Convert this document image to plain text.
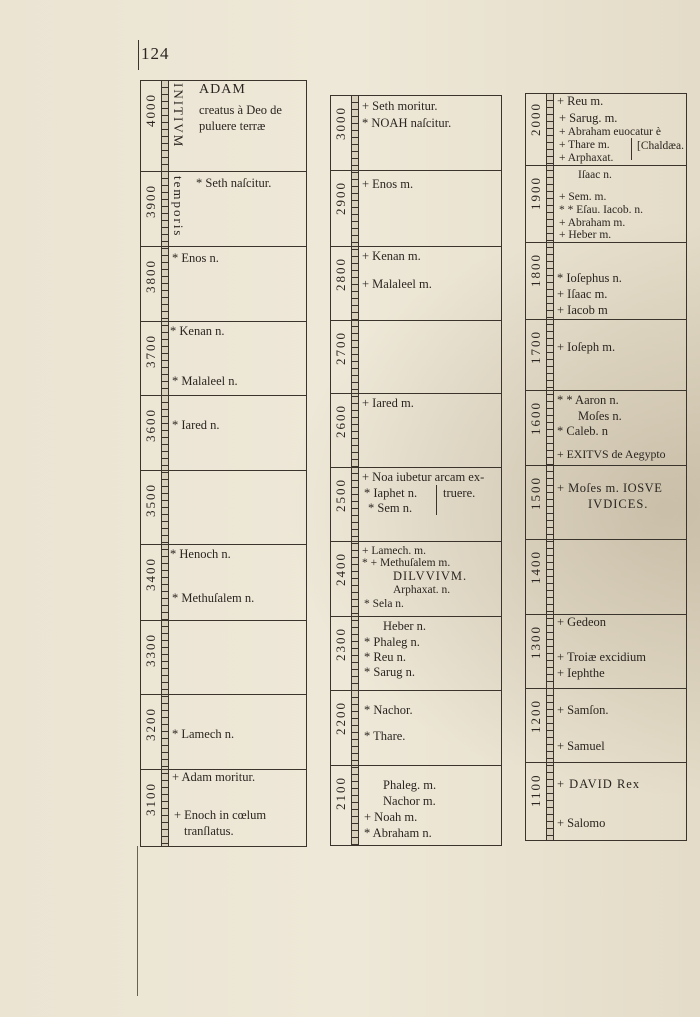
124
4000 INITIVM ADAM
creatus à Deo de
puluere terræ
3900 temporis * Seth naſcitur.
3800
* Enos n.
3700
* Kenan n.
* Malaleel n.
3600 * Iared n.
3500
3400
* Henoch n.
* Methuſalem n.
3300
3200 * Lamech n.
3100
+ Adam moritur.
+ Enoch in cœlum
tranſlatus.
3000 + Seth moritur.
* NOAH naſcitur.
2900 + Enos m.
2800
+ Kenan m.
+ Malaleel m.
2700
2600
+ Iared m.
2500
+ Noa iubetur arcam ex-
* Iaphet n. truere.
* Sem n.
2400
+ Lamech. m.
* + Methuſalem m.
DILVVIVM.
Arphaxat. n.
* Sela n.
2300
Heber n.
* Phaleg n.
* Reu n.
* Sarug n.
2200 * Nachor.
* Thare.
2100	Phaleg. m.
Nachor m.
+ Noah m.
* Abraham n.
2000
+ Reu m.
+ Sarug. m.
+ Abraham euocatur è
+ Thare m. [Chaldæa.
+ Arphaxat.
1900
Iſaac n.
+ Sem. m.
* * Eſau. Iacob. n.
+ Abraham m.
+ Heber m.
1800 * Ioſephus n.
+ Iſaac m.
+ Iacob m
1700 + Ioſeph m.
1600
* * Aaron n.
Moſes n.
* Caleb. n
+ EXITVS de Aegypto
1500 + Moſes m. IOSVE
IVDICES.
1400
1300
+ Gedeon
+ Troiæ excidium
+ Iephthe
1200 + Samſon.
+ Samuel
1100 + DAVID Rex
+ Salomo
